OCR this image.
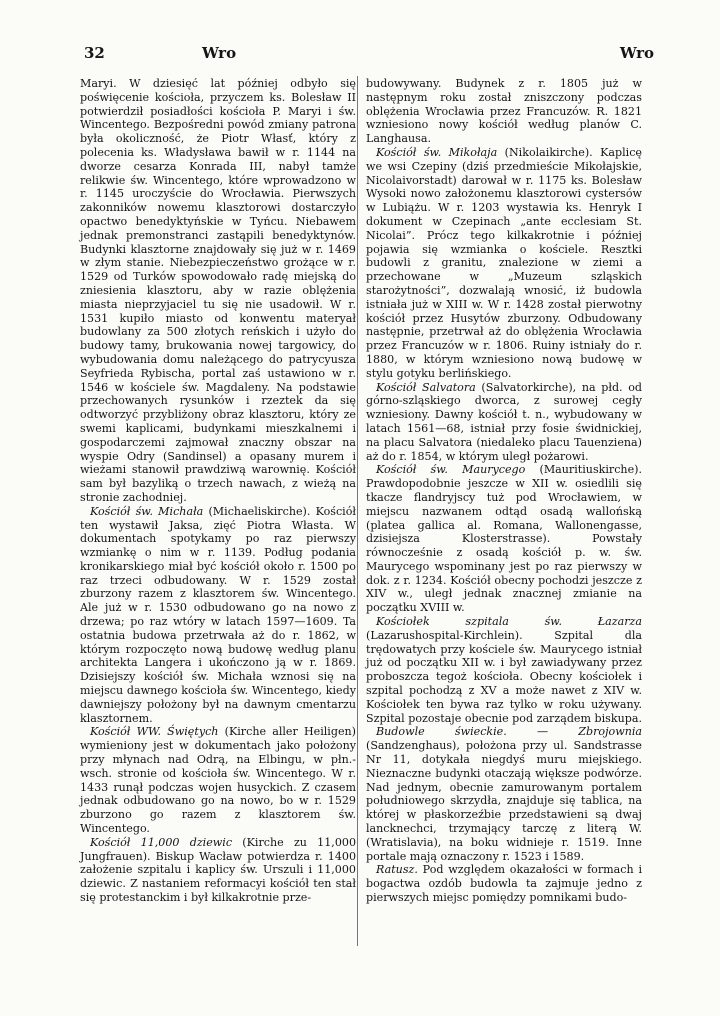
32	Wro	Wro

Maryi. W dziesięć lat później odbyło się poświęcenie kościoła, przyczem ks. Bolesław II potwierdził posiadłości kościoła P. Maryi i św. Wincentego. Bezpośredni powód zmiany patrona była okoliczność, że Piotr Własť, który z polecenia ks. Władysława bawił w r. 1144 na dworze cesarza Konrada III, nabył tamże relikwie św. Wincentego, które wprowadzono w r. 1145 uroczyście do Wrocławia. Pierwszych zakonników nowemu klasztorowi dostarczyło opactwo benedyktyńskie w Tyńcu. Niebawem jednak premonstranci zastąpili benedyktynów. Budynki klasztorne znajdowały się już w r. 1469 w złym stanie. Niebezpieczeństwo grożące w r. 1529 od Turków spowodowało radę miejską do zniesienia klasztoru, aby w razie oblężenia miasta nieprzyjaciel tu się nie usadowił. W r. 1531 kupiło miasto od konwentu materyał budowlany za 500 złotych reńskich i użyło do budowy tamy, brukowania nowej targowicy, do wybudowania domu należącego do patrycyusza Seyfrieda Rybischa, portal zaś ustawiono w r. 1546 w kościele św. Magdaleny. Na podstawie przechowanych rysunków i rzeztek da się odtworzyć przybliżony obraz klasztoru, który ze swemi kaplicami, budynkami mieszkalnemi i gospodarczemi zajmował znaczny obszar na wyspie Odry (Sandinsel) a opasany murem i wieżami stanowił prawdziwą warownię. Kościół sam był bazyliką o trzech nawach, z wieżą na stronie zachodniej.

Kościół św. Michała (Michaeliskirche). Kościół ten wystawił Jaksa, zięć Piotra Własta. W dokumentach spotykamy po raz pierwszy wzmiankę o nim w r. 1139. Podług podania kronikarskiego miał być kościół około r. 1500 po raz trzeci odbudowany. W r. 1529 został zburzony razem z klasztorem św. Wincentego. Ale już w r. 1530 odbudowano go na nowo z drzewa; po raz wtóry w latach 1597—1609. Ta ostatnia budowa przetrwała aż do r. 1862, w którym rozpoczęto nową budowę według planu architekta Langera i ukończono ją w r. 1869. Dzisiejszy kościół św. Michała wznosi się na miejscu dawnego kościoła św. Wincentego, kiedy dawniejszy położony był na dawnym cmentarzu klasztornem.

Kościół WW. Świętych (Kirche aller Heiligen) wymieniony jest w dokumentach jako położony przy młynach nad Odrą, na Elbingu, w płn.-wsch. stronie od kościoła św. Wincentego. W r. 1433 runął podczas wojen husyckich. Z czasem jednak odbudowano go na nowo, bo w r. 1529 zburzono go razem z klasztorem św. Wincentego.

Kościół 11,000 dziewic (Kirche zu 11,000 Jungfrauen). Biskup Wacław potwierdza r. 1400 założenie szpitalu i kaplicy św. Urszuli i 11,000 dziewic. Z nastaniem reformacyi kościół ten stał się protestanckim i był kilkakrotnie prze-

budowywany. Budynek z r. 1805 już w następnym roku został zniszczony podczas oblężenia Wrocławia przez Francuzów. R. 1821 wzniesiono nowy kościół według planów C. Langhausa.

Kościół św. Mikołaja (Nikolaikirche). Kaplicę we wsi Czepiny (dziś przedmieście Mikołajskie, Nicolaivorstadt) darował w r. 1175 ks. Bolesław Wysoki nowo założonemu klasztorowi cystersów w Lubiążu. W r. 1203 wystawia ks. Henryk I dokument w Czepinach „ante ecclesiam St. Nicolai”. Prócz tego kilkakrotnie i później pojawia się wzmianka o kościele. Resztki budowli z granitu, znalezione w ziemi a przechowane w „Muzeum szląskich starożytności”, dozwalają wnosić, iż budowla istniała już w XIII w. W r. 1428 został pierwotny kościół przez Husytów zburzony. Odbudowany następnie, przetrwał aż do oblężenia Wrocławia przez Francuzów w r. 1806. Ruiny istniały do r. 1880, w którym wzniesiono nową budowę w stylu gotyku berlińskiego.

Kościół Salvatora (Salvatorkirche), na płd. od górno-szląskiego dworca, z surowej cegły wzniesiony. Dawny kościół t. n., wybudowany w latach 1561—68, istniał przy fosie świdnickiej, na placu Salvatora (niedaleko placu Tauenziena) aż do r. 1854, w którym uległ pożarowi.

Kościół św. Maurycego (Mauritiuskirche). Prawdopodobnie jeszcze w XII w. osiedlili się tkacze flandryjscy tuż pod Wrocławiem, w miejscu nazwanem odtąd osadą wallońską (platea gallica al. Romana, Wallonengasse, dzisiejsza Klosterstrasse). Powstały równocześnie z osadą kościół p. w. św. Maurycego wspominany jest po raz pierwszy w dok. z r. 1234. Kościół obecny pochodzi jeszcze z XIV w., uległ jednak znacznej zmianie na początku XVIII w.

Kościołek szpitala św. Łazarza (Lazarushospital-Kirchlein). Szpital dla trędowatych przy kościele św. Maurycego istniał już od początku XII w. i był zawiadywany przez proboszcza tegoż kościoła. Obecny kościołek i szpital pochodzą z XV a może nawet z XIV w. Kościołek ten bywa raz tylko w roku używany. Szpital pozostaje obecnie pod zarządem biskupa.

Budowle świeckie. — Zbrojownia (Sandzenghaus), położona przy ul. Sandstrasse Nr 11, dotykała niegdyś muru miejskiego. Nieznaczne budynki otaczają większe podwórze. Nad jednym, obecnie zamurowanym portalem południowego skrzydła, znajduje się tablica, na której w płaskorzeźbie przedstawieni są dwaj lancknechci, trzymający tarczę z literą W. (Wratislavia), na boku widnieje r. 1519. Inne portale mają oznaczony r. 1523 i 1589.

Ratusz. Pod względem okazałości w formach i bogactwa ozdób budowla ta zajmuje jedno z pierwszych miejsc pomiędzy pomnikami budo-
